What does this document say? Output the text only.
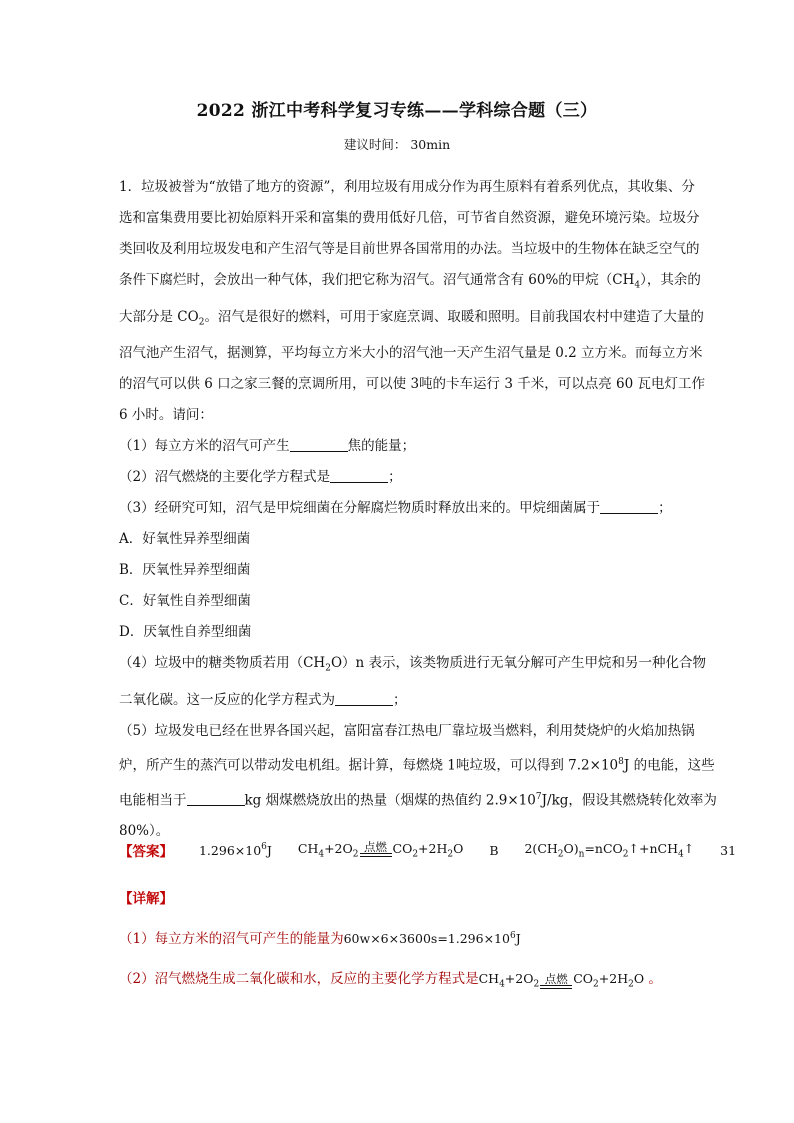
2022 浙江中考科学复习专练——学科综合题（三）
建议时间： 30min
1．垃圾被誉为“放错了地方的资源”，利用垃圾有用成分作为再生原料有着系列优点，其收集、分
选和富集费用要比初始原料开采和富集的费用低好几倍，可节省自然资源，避免环境污染。垃圾分
类回收及利用垃圾发电和产生沼气等是目前世界各国常用的办法。当垃圾中的生物体在缺乏空气的
条件下腐烂时，会放出一种气体，我们把它称为沼气。沼气通常含有 60%的甲烷$(CH_4)$，其余的
大部分是 $CO_2$。沼气是很好的燃料，可用于家庭烹调、取暖和照明。目前我国农村中建造了大量的
沼气池产生沼气，据测算，平均每立方米大小的沼气池一天产生沼气量是 0.2 立方米。而每立方米
的沼气可以供 6 口之家三餐的烹调所用，可以使 3吨的卡车运行 3 千米，可以点亮 60 瓦电灯工作
6 小时。请问：
（1）每立方米的沼气可产生	焦的能量；
（2）沼气燃烧的主要化学方程式是	；
（3）经研究可知，沼气是甲烷细菌在分解腐烂物质时释放出来的。甲烷细菌属于	；
A．好氧性异养型细菌
B．厌氧性异养型细菌
C．好氧性自养型细菌
D．厌氧性自养型细菌
（4）垃圾中的糖类物质若用$(CH_2O)n$ 表示，该类物质进行无氧分解可产生甲烷和另一种化合物
二氧化碳。这一反应的化学方程式为	；
（5）垃圾发电已经在世界各国兴起，富阳富春江热电厂靠垃圾当燃料，利用焚烧炉的火焰加热锅
炉，所产生的蒸汽可以带动发电机组。据计算，每燃烧 1吨垃圾，可以得到 $7.2\times 10^8J$ 的电能，这些
电能相当于	kg 烟煤燃烧放出的热量（烟煤的热值约 $2.9\times 10^7J/kg$，假设其燃烧转化效率为
80%）。
【答案】 $1.296\times 10^6J$ $CH_4+2O_2$ 点燃 $CO_2+2H_2O$ B $2(CH_2O)_n=nCO_2↑+nCH_4↑$ 31
【详解】
（1）每立方米的沼气可产生的能量为$60w\times 6\times 3600s=1.296\times 10^6J$
（2）沼气燃烧生成二氧化碳和水，反应的主要化学方程式是$CH_4+2O_2$ 点燃 $CO_2+2H_2O$ 。
